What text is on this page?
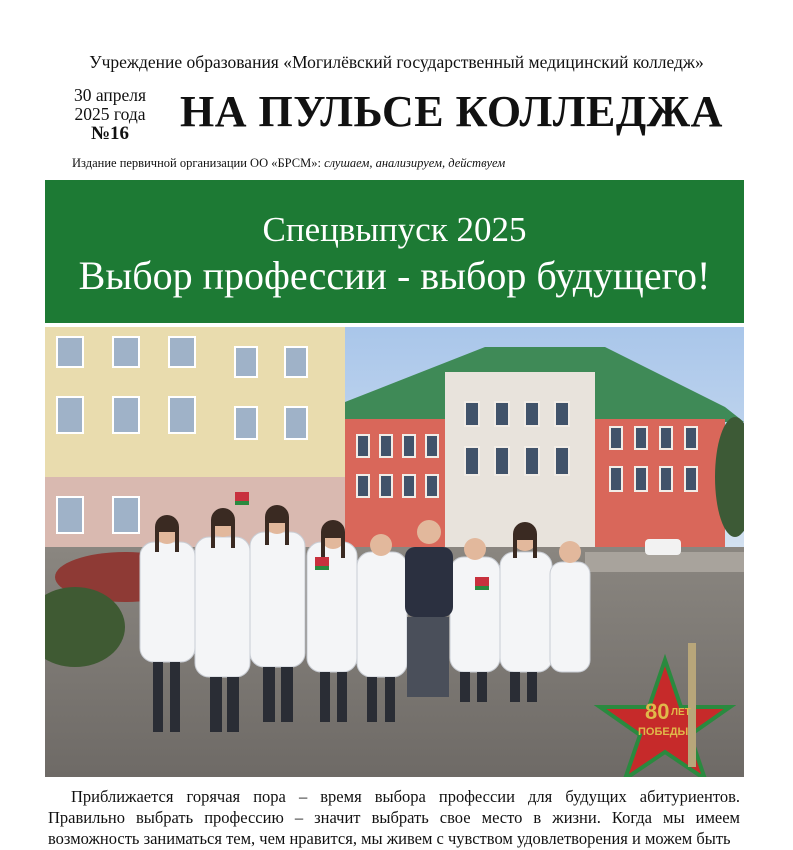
Учреждение образования «Могилёвский государственный медицинский колледж»
30 апреля
2025 года
№16	НА ПУЛЬСЕ КОЛЛЕДЖА
Издание первичной организации ОО «БРСМ»: слушаем, анализируем, действуем
Спецвыпуск 2025
Выбор профессии - выбор будущего!
80 ЛЕТ
ПОБЕДЫ
Приближается горячая пора – время выбора профессии для будущих абитуриентов. Правильно выбрать профессию – значит выбрать свое место в жизни. Когда мы имеем возможность заниматься тем, чем нравится, мы живем с чувством удовлетворения и можем быть
